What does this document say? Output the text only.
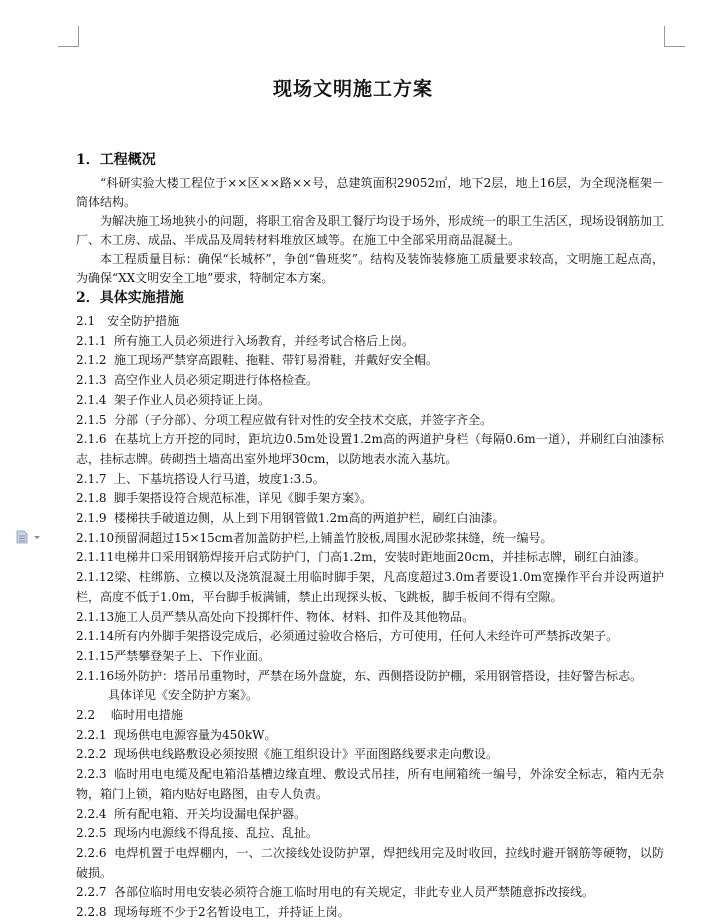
现场文明施工方案

1．工程概况

“科研实验大楼工程位于××区××路××号，总建筑面积29052㎡，地下2层，地上16层，为全现浇框架－筒体结构。

为解决施工场地狭小的问题，将职工宿舍及职工餐厅均设于场外，形成统一的职工生活区，现场设钢筋加工厂、木工房、成品、半成品及周转材料堆放区域等。在施工中全部采用商品混凝土。

本工程质量目标：确保“长城杯”，争创“鲁班奖”。结构及装饰装修施工质量要求较高，文明施工起点高，为确保“XX文明安全工地”要求，特制定本方案。

2．具体实施措施

2.1　安全防护措施

2.1.1 所有施工人员必须进行入场教育，并经考试合格后上岗。

2.1.2 施工现场严禁穿高跟鞋、拖鞋、带钉易滑鞋，并戴好安全帽。

2.1.3 高空作业人员必须定期进行体格检查。

2.1.4 架子作业人员必须持证上岗。

2.1.5 分部（子分部）、分项工程应做有针对性的安全技术交底，并签字齐全。

2.1.6 在基坑上方开挖的同时，距坑边0.5m处设置1.2m高的两道护身栏（每隔0.6m一道），并刷红白油漆标志，挂标志牌。砖砌挡土墙高出室外地坪30cm，以防地表水流入基坑。

2.1.7 上、下基坑搭设人行马道，坡度1:3.5。

2.1.8 脚手架搭设符合规范标准，详见《脚手架方案》。

2.1.9 楼梯扶手破道边侧，从上到下用钢管做1.2m高的两道护栏，刷红白油漆。

2.1.10预留洞超过15×15cm者加盖防护栏,上铺盖竹胶板,周围水泥砂浆抹缝，统一编号。

2.1.11电梯井口采用钢筋焊接开启式防护门，门高1.2m，安装时距地面20cm，并挂标志牌，刷红白油漆。

2.1.12梁、柱绑筋、立模以及浇筑混凝土用临时脚手架，凡高度超过3.0m者要设1.0m宽操作平台并设两道护栏，高度不低于1.0m，平台脚手板满铺，禁止出现探头板、飞跳板，脚手板间不得有空隙。

2.1.13施工人员严禁从高处向下投掷杆件、物体、材料、扣件及其他物品。

2.1.14所有内外脚手架搭设完成后，必须通过验收合格后，方可使用，任何人未经许可严禁拆改架子。

2.1.15严禁攀登架子上、下作业面。

2.1.16场外防护：塔吊吊重物时，严禁在场外盘旋，东、西侧搭设防护棚，采用钢管搭设，挂好警告标志。

具体详见《安全防护方案》。

2.2　 临时用电措施

2.2.1 现场供电电源容量为450kW。

2.2.2 现场供电线路敷设必须按照《施工组织设计》平面图路线要求走向敷设。

2.2.3 临时用电电缆及配电箱沿基槽边缘直埋、敷设式吊挂，所有电闸箱统一编号，外涂安全标志，箱内无杂物，箱门上锁，箱内贴好电路图，由专人负责。

2.2.4 所有配电箱、开关均设漏电保护器。

2.2.5 现场内电源线不得乱接、乱拉、乱扯。

2.2.6 电焊机置于电焊棚内，一、二次接线处设防护罩，焊把线用完及时收回，拉线时避开钢筋等硬物，以防破损。

2.2.7 各部位临时用电安装必须符合施工临时用电的有关规定，非此专业人员严禁随意拆改接线。

2.2.8 现场每班不少于2名暂设电工，并持证上岗。
